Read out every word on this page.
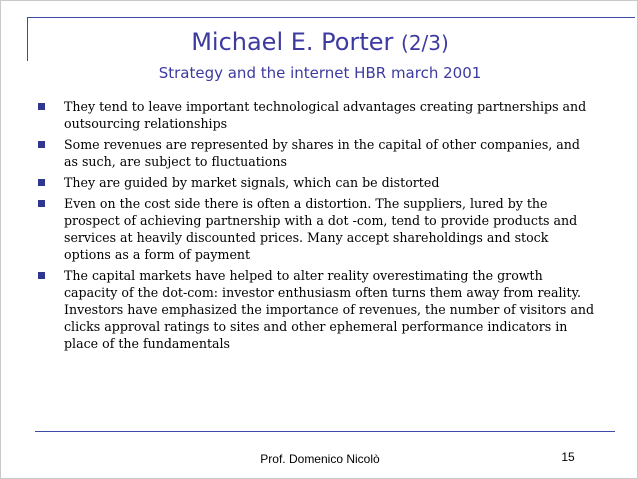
Michael E. Porter (2/3)
Strategy and the internet HBR march 2001
They tend to leave important technological advantages creating partnerships and outsourcing relationships
Some revenues are represented by shares in the capital of other companies, and as such, are subject to fluctuations
They are guided by market signals, which can be distorted
Even on the cost side there is often a distortion. The suppliers, lured by the prospect of achieving partnership with a dot -com, tend to provide products and services at heavily discounted prices. Many accept shareholdings and stock options as a form of payment
The capital markets have helped to alter reality overestimating the growth capacity of the dot-com: investor enthusiasm often turns them away from reality. Investors have emphasized the importance of revenues, the number of visitors and clicks approval ratings to sites and other ephemeral performance indicators in place of the fundamentals
Prof. Domenico Nicolò	15
